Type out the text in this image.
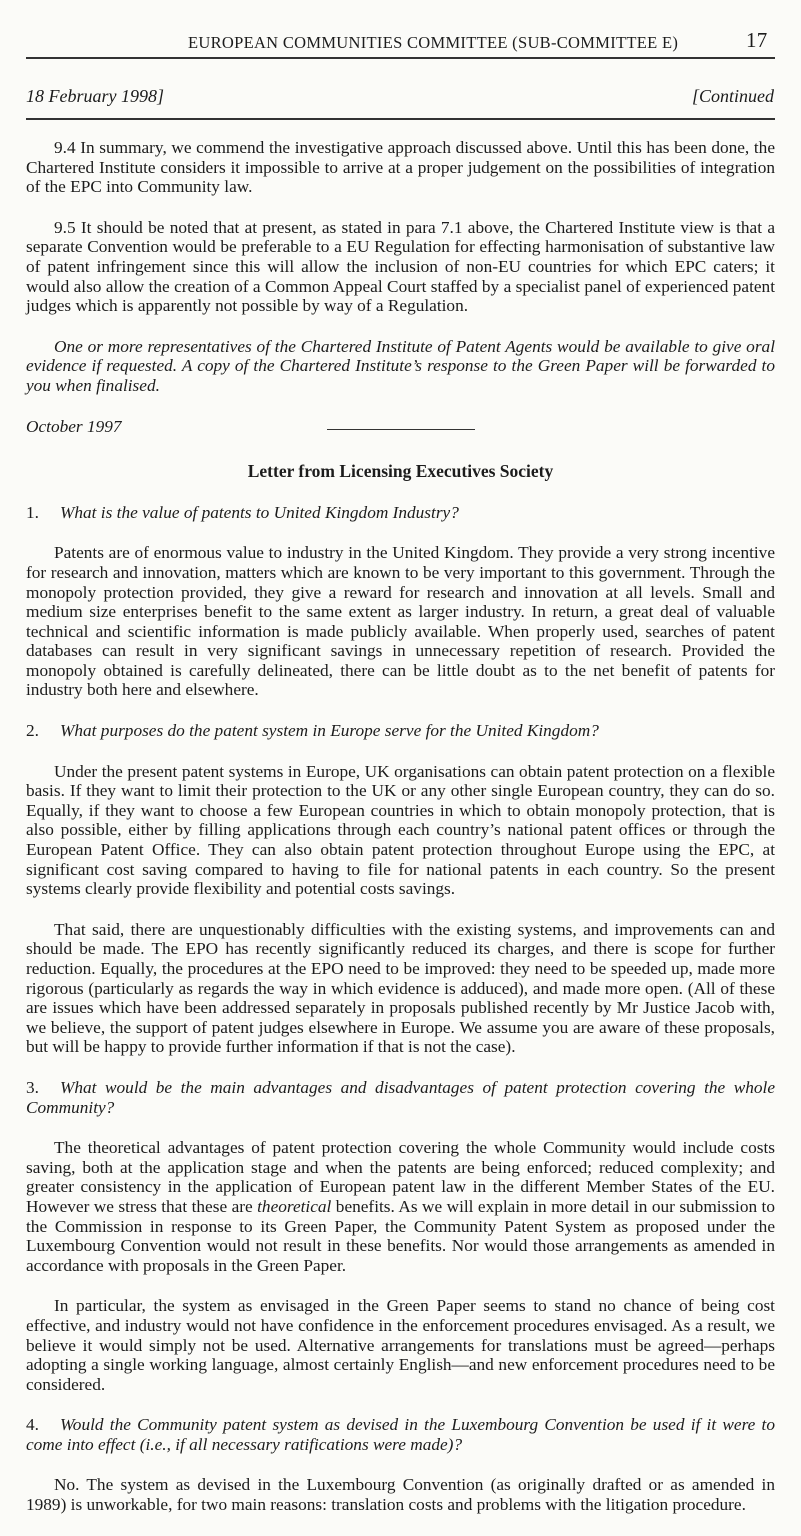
EUROPEAN COMMUNITIES COMMITTEE (SUB-COMMITTEE E)	17
18 February 1998]	[Continued

9.4 In summary, we commend the investigative approach discussed above. Until this has been done, the Chartered Institute considers it impossible to arrive at a proper judgement on the possibilities of integration of the EPC into Community law.

9.5 It should be noted that at present, as stated in para 7.1 above, the Chartered Institute view is that a separate Convention would be preferable to a EU Regulation for effecting harmonisation of substantive law of patent infringement since this will allow the inclusion of non-EU countries for which EPC caters; it would also allow the creation of a Common Appeal Court staffed by a specialist panel of experienced patent judges which is apparently not possible by way of a Regulation.

One or more representatives of the Chartered Institute of Patent Agents would be available to give oral evidence if requested. A copy of the Chartered Institute’s response to the Green Paper will be forwarded to you when finalised.

October 1997

Letter from Licensing Executives Society

1. What is the value of patents to United Kingdom Industry?

Patents are of enormous value to industry in the United Kingdom. They provide a very strong incentive for research and innovation, matters which are known to be very important to this government. Through the monopoly protection provided, they give a reward for research and innovation at all levels. Small and medium size enterprises benefit to the same extent as larger industry. In return, a great deal of valuable technical and scientific information is made publicly available. When properly used, searches of patent databases can result in very significant savings in unnecessary repetition of research. Provided the monopoly obtained is carefully delineated, there can be little doubt as to the net benefit of patents for industry both here and elsewhere.

2. What purposes do the patent system in Europe serve for the United Kingdom?

Under the present patent systems in Europe, UK organisations can obtain patent protection on a flexible basis. If they want to limit their protection to the UK or any other single European country, they can do so. Equally, if they want to choose a few European countries in which to obtain monopoly protection, that is also possible, either by filling applications through each country’s national patent offices or through the European Patent Office. They can also obtain patent protection throughout Europe using the EPC, at significant cost saving compared to having to file for national patents in each country. So the present systems clearly provide flexibility and potential costs savings.

That said, there are unquestionably difficulties with the existing systems, and improvements can and should be made. The EPO has recently significantly reduced its charges, and there is scope for further reduction. Equally, the procedures at the EPO need to be improved: they need to be speeded up, made more rigorous (particularly as regards the way in which evidence is adduced), and made more open. (All of these are issues which have been addressed separately in proposals published recently by Mr Justice Jacob with, we believe, the support of patent judges elsewhere in Europe. We assume you are aware of these proposals, but will be happy to provide further information if that is not the case).

3. What would be the main advantages and disadvantages of patent protection covering the whole Community?

The theoretical advantages of patent protection covering the whole Community would include costs saving, both at the application stage and when the patents are being enforced; reduced complexity; and greater consistency in the application of European patent law in the different Member States of the EU. However we stress that these are theoretical benefits. As we will explain in more detail in our submission to the Commission in response to its Green Paper, the Community Patent System as proposed under the Luxembourg Convention would not result in these benefits. Nor would those arrangements as amended in accordance with proposals in the Green Paper.

In particular, the system as envisaged in the Green Paper seems to stand no chance of being cost effective, and industry would not have confidence in the enforcement procedures envisaged. As a result, we believe it would simply not be used. Alternative arrangements for translations must be agreed—perhaps adopting a single working language, almost certainly English—and new enforcement procedures need to be considered.

4. Would the Community patent system as devised in the Luxembourg Convention be used if it were to come into effect (i.e., if all necessary ratifications were made)?

No. The system as devised in the Luxembourg Convention (as originally drafted or as amended in 1989) is unworkable, for two main reasons: translation costs and problems with the litigation procedure.
